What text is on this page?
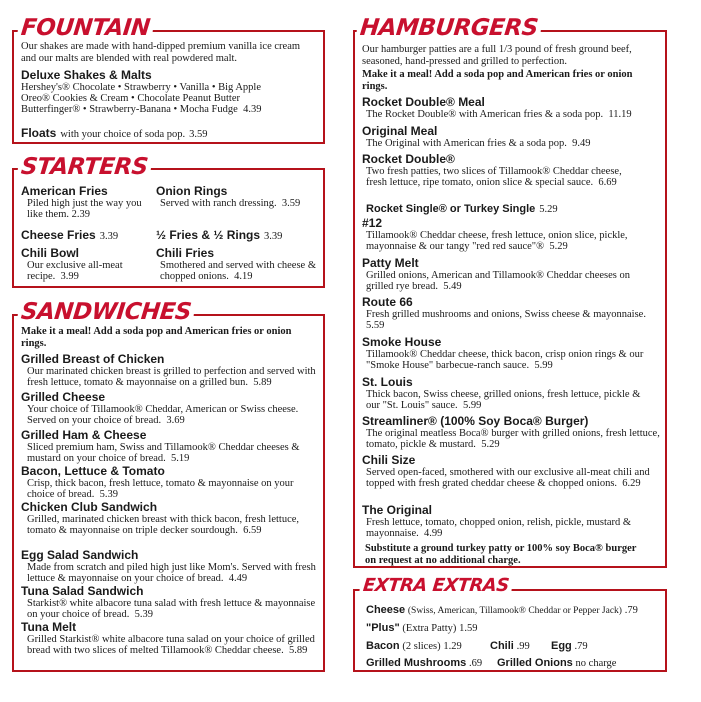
FOUNTAIN
Our shakes are made with hand-dipped premium vanilla ice cream and our malts are blended with real powdered malt.
Deluxe Shakes & Malts
Hershey's® Chocolate • Strawberry • Vanilla • Big Apple Oreo® Cookies & Cream • Chocolate Peanut Butter Butterfinger® • Strawberry-Banana • Mocha Fudge 4.39
Floats with your choice of soda pop. 3.59
STARTERS
American Fries
Piled high just the way you like them. 2.39
Onion Rings
Served with ranch dressing. 3.59
Cheese Fries 3.39	½ Fries & ½ Rings 3.39
Chili Bowl
Our exclusive all-meat recipe. 3.99
Chili Fries
Smothered and served with cheese & chopped onions. 4.19
SANDWICHES
Make it a meal! Add a soda pop and American fries or onion rings.
Grilled Breast of Chicken
Our marinated chicken breast is grilled to perfection and served with fresh lettuce, tomato & mayonnaise on a grilled bun. 5.89
Grilled Cheese
Your choice of Tillamook® Cheddar, American or Swiss cheese. Served on your choice of bread. 3.69
Grilled Ham & Cheese
Sliced premium ham, Swiss and Tillamook® Cheddar cheeses & mustard on your choice of bread. 5.19
Bacon, Lettuce & Tomato
Crisp, thick bacon, fresh lettuce, tomato & mayonnaise on your choice of bread. 5.39
Chicken Club Sandwich
Grilled, marinated chicken breast with thick bacon, fresh lettuce, tomato & mayonnaise on triple decker sourdough. 6.59
Egg Salad Sandwich
Made from scratch and piled high just like Mom's. Served with fresh lettuce & mayonnaise on your choice of bread. 4.49
Tuna Salad Sandwich
Starkist® white albacore tuna salad with fresh lettuce & mayonnaise on your choice of bread. 5.39
Tuna Melt
Grilled Starkist® white albacore tuna salad on your choice of grilled bread with two slices of melted Tillamook® Cheddar cheese. 5.89
HAMBURGERS
Our hamburger patties are a full 1/3 pound of fresh ground beef, seasoned, hand-pressed and grilled to perfection.
Make it a meal! Add a soda pop and American fries or onion rings.
Rocket Double® Meal
The Rocket Double® with American fries & a soda pop. 11.19
Original Meal
The Original with American fries & a soda pop. 9.49
Rocket Double®
Two fresh patties, two slices of Tillamook® Cheddar cheese, fresh lettuce, ripe tomato, onion slice & special sauce. 6.69
Rocket Single® or Turkey Single 5.29
#12
Tillamook® Cheddar cheese, fresh lettuce, onion slice, pickle, mayonnaise & our tangy "red red sauce"® 5.29
Patty Melt
Grilled onions, American and Tillamook® Cheddar cheeses on grilled rye bread. 5.49
Route 66
Fresh grilled mushrooms and onions, Swiss cheese & mayonnaise.  5.59
Smoke House
Tillamook® Cheddar cheese, thick bacon, crisp onion rings & our "Smoke House" barbecue-ranch sauce. 5.99
St. Louis
Thick bacon, Swiss cheese, grilled onions, fresh lettuce, pickle & our "St. Louis" sauce. 5.99
Streamliner® (100% Soy Boca® Burger)
The original meatless Boca® burger with grilled onions, fresh lettuce, tomato, pickle & mustard. 5.29
Chili Size
Served open-faced, smothered with our exclusive all-meat chili and topped with fresh grated cheddar cheese & chopped onions. 6.29
The Original
Fresh lettuce, tomato, chopped onion, relish, pickle, mustard & mayonnaise. 4.99
Substitute a ground turkey patty or 100% soy Boca® burger on request at no additional charge.
EXTRA EXTRAS
Cheese (Swiss, American, Tillamook® Cheddar or Pepper Jack) .79
"Plus" (Extra Patty) 1.59
Bacon (2 slices) 1.29	Chili .99 Egg .79
Grilled Mushrooms .69 Grilled Onions no charge
